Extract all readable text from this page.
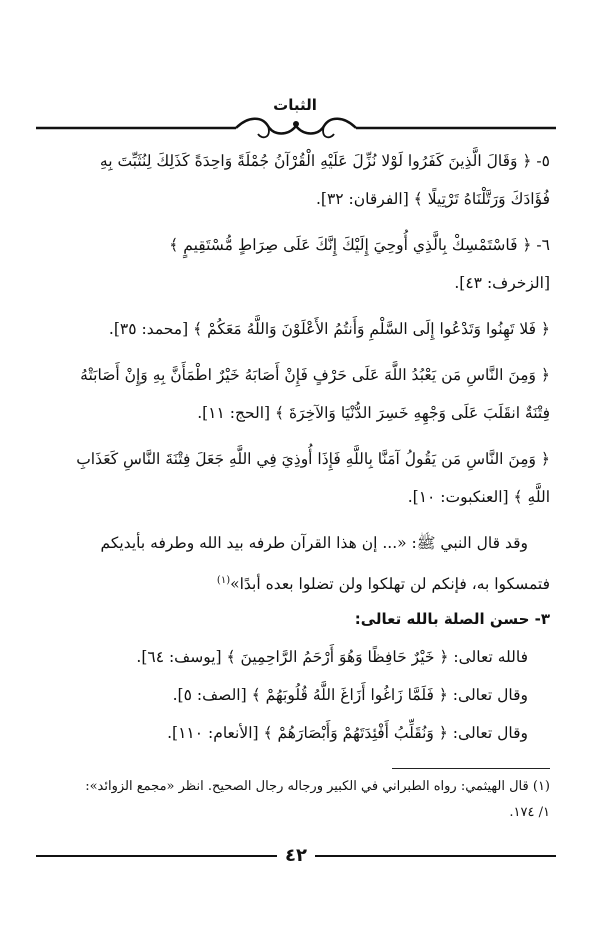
الثبات
٥- ﴿ وَقَالَ الَّذِينَ كَفَرُوا لَوْلا نُزِّلَ عَلَيْهِ الْقُرْآنُ جُمْلَةً وَاحِدَةً كَذَلِكَ لِنُثَبِّتَ بِهِ
فُؤَادَكَ وَرَتَّلْنَاهُ تَرْتِيلًا ﴾ [الفرقان: ٣٢].
٦- ﴿ فَاسْتَمْسِكْ بِالَّذِي أُوحِيَ إِلَيْكَ إِنَّكَ عَلَى صِرَاطٍ مُّسْتَقِيمٍ ﴾
[الزخرف: ٤٣].
﴿ فَلا تَهِنُوا وَتَدْعُوا إِلَى السَّلْمِ وَأَنتُمُ الأَعْلَوْنَ وَاللَّهُ مَعَكُمْ ﴾ [محمد: ٣٥].
﴿ وَمِنَ النَّاسِ مَن يَعْبُدُ اللَّهَ عَلَى حَرْفٍ فَإِنْ أَصَابَهُ خَيْرٌ اطْمَأَنَّ بِهِ وَإِنْ أَصَابَتْهُ
فِتْنَةٌ انقَلَبَ عَلَى وَجْهِهِ خَسِرَ الدُّنْيَا وَالآخِرَةَ ﴾ [الحج: ١١].
﴿ وَمِنَ النَّاسِ مَن يَقُولُ آمَنَّا بِاللَّهِ فَإِذَا أُوذِيَ فِي اللَّهِ جَعَلَ فِتْنَةَ النَّاسِ كَعَذَابِ
اللَّهِ ﴾ [العنكبوت: ١٠].
وقد قال النبي ﷺ: «... إن هذا القرآن طرفه بيد الله وطرفه بأيديكم
فتمسكوا به، فإنكم لن تهلكوا ولن تضلوا بعده أبدًا»$^{(١)}$
٣- حسن الصلة بالله تعالى:
فالله تعالى: ﴿ خَيْرٌ حَافِظًا وَهُوَ أَرْحَمُ الرَّاحِمِينَ ﴾ [يوسف: ٦٤].
وقال تعالى: ﴿ فَلَمَّا زَاغُوا أَزَاغَ اللَّهُ قُلُوبَهُمْ ﴾ [الصف: ٥].
وقال تعالى: ﴿ وَنُقَلِّبُ أَفْئِدَتَهُمْ وَأَبْصَارَهُمْ ﴾ [الأنعام: ١١٠].
(١) قال الهيثمي: رواه الطبراني في الكبير ورجاله رجال الصحيح. انظر «مجمع الزوائد»:
١/ ١٧٤.
٤٢
